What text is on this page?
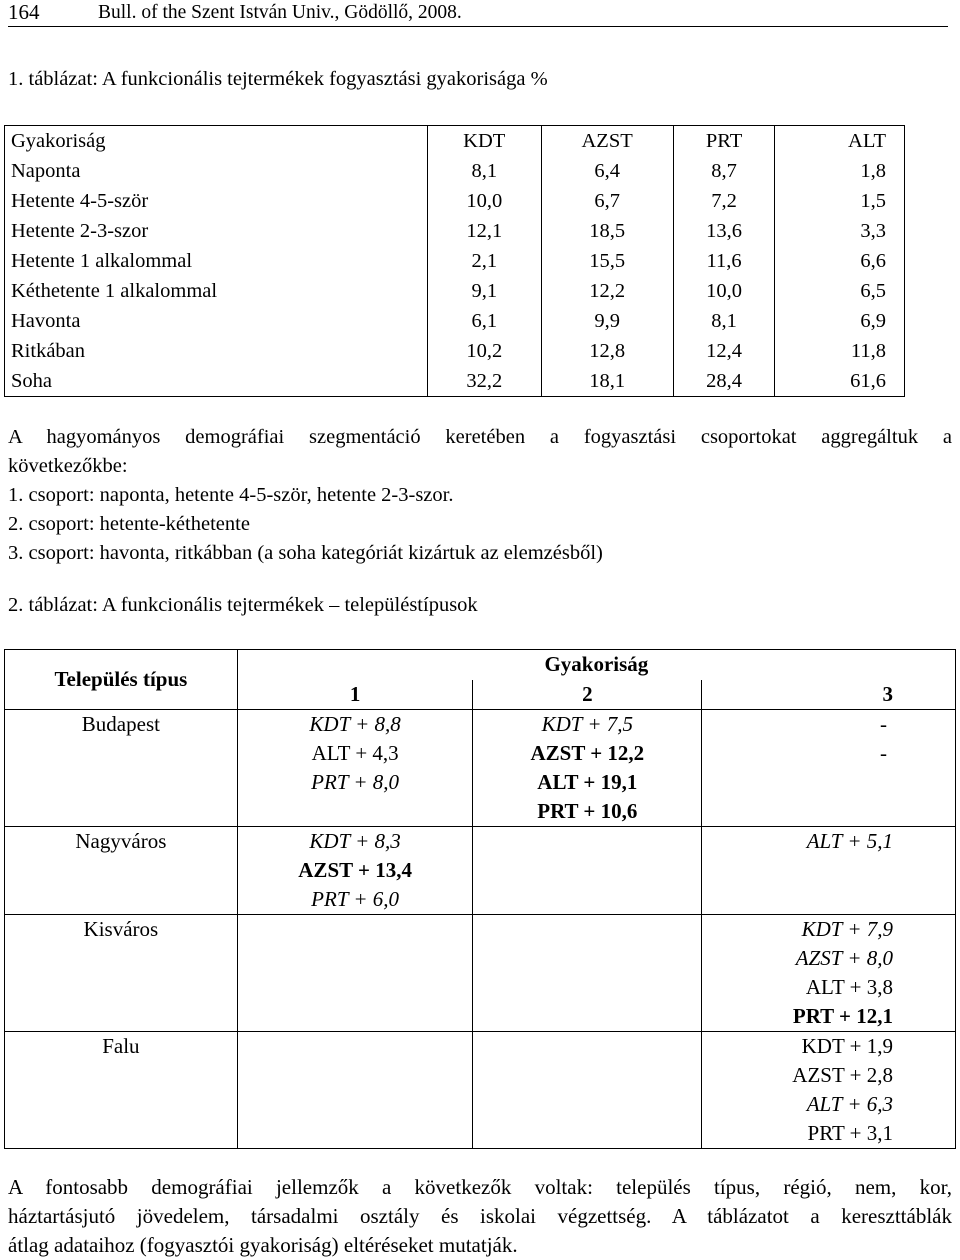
164	Bull. of the Szent István Univ., Gödöllő, 2008.
1. táblázat: A funkcionális tejtermékek fogyasztási gyakorisága %
Gyakoriság	KDT	AZST	PRT	ALT
Naponta	8,1	6,4	8,7	1,8
Hetente 4-5-ször	10,0	6,7	7,2	1,5
Hetente 2-3-szor	12,1	18,5	13,6	3,3
Hetente 1 alkalommal	2,1	15,5	11,6	6,6
Kéthetente 1 alkalommal	9,1	12,2	10,0	6,5
Havonta	6,1	9,9	8,1	6,9
Ritkában	10,2	12,8	12,4	11,8
Soha	32,2	18,1	28,4	61,6
A hagyományos demográfiai szegmentáció keretében a fogyasztási csoportokat aggregáltuk a
következőkbe:
1. csoport: naponta, hetente 4-5-ször, hetente 2-3-szor.
2. csoport: hetente-kéthetente
3. csoport: havonta, ritkábban (a soha kategóriát kizártuk az elemzésből)
2. táblázat: A funkcionális tejtermékek – településtípusok
Település típus	Gyakoriság		
	1	2	3
Budapest	KDT + 8,8
ALT + 4,3
PRT + 8,0	KDT + 7,5
AZST + 12,2
ALT + 19,1
PRT + 10,6	-
-

Nagyváros	KDT + 8,3
AZST + 13,4
PRT + 6,0		ALT + 5,1

Kisváros			KDT + 7,9
AZST + 8,0
ALT + 3,8
PRT + 12,1

Falu			KDT + 1,9
AZST + 2,8
ALT + 6,3
PRT + 3,1
A fontosabb demográfiai jellemzők a következők voltak: település típus, régió, nem, kor,
háztartásjutó jövedelem, társadalmi osztály és iskolai végzettség. A táblázatot a kereszttáblák
átlag adataihoz (fogyasztói gyakoriság) eltéréseket mutatják.
